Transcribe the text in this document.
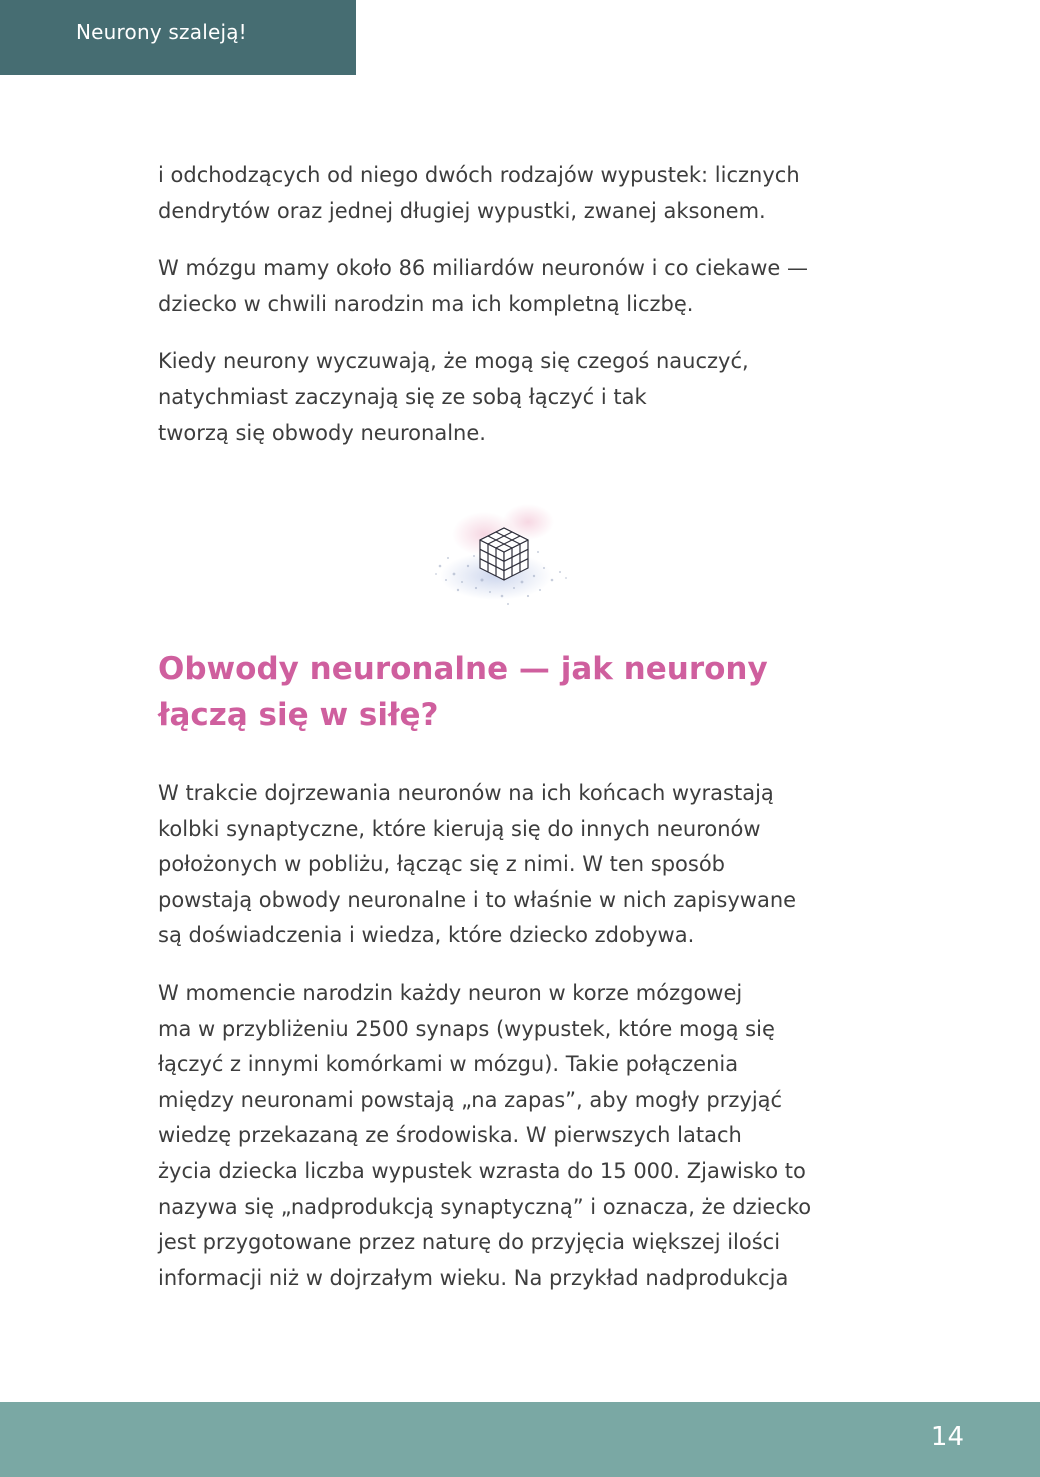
Neurony szaleją!

i odchodzących od niego dwóch rodzajów wypustek: licznych
dendrytów oraz jednej długiej wypustki, zwanej aksonem.

W mózgu mamy około 86 miliardów neuronów i co ciekawe —
dziecko w chwili narodzin ma ich kompletną liczbę.

Kiedy neurony wyczuwają, że mogą się czegoś nauczyć,
natychmiast zaczynają się ze sobą łączyć i tak
tworzą się obwody neuronalne.

Obwody neuronalne — jak neurony
łączą się w siłę?

W trakcie dojrzewania neuronów na ich końcach wyrastają
kolbki synaptyczne, które kierują się do innych neuronów
położonych w pobliżu, łącząc się z nimi. W ten sposób
powstają obwody neuronalne i to właśnie w nich zapisywane
są doświadczenia i wiedza, które dziecko zdobywa.

W momencie narodzin każdy neuron w korze mózgowej
ma w przybliżeniu 2500 synaps (wypustek, które mogą się
łączyć z innymi komórkami w mózgu). Takie połączenia
między neuronami powstają „na zapas”, aby mogły przyjąć
wiedzę przekazaną ze środowiska. W pierwszych latach
życia dziecka liczba wypustek wzrasta do 15 000. Zjawisko to
nazywa się „nadprodukcją synaptyczną” i oznacza, że dziecko
jest przygotowane przez naturę do przyjęcia większej ilości
informacji niż w dojrzałym wieku. Na przykład nadprodukcja

14
